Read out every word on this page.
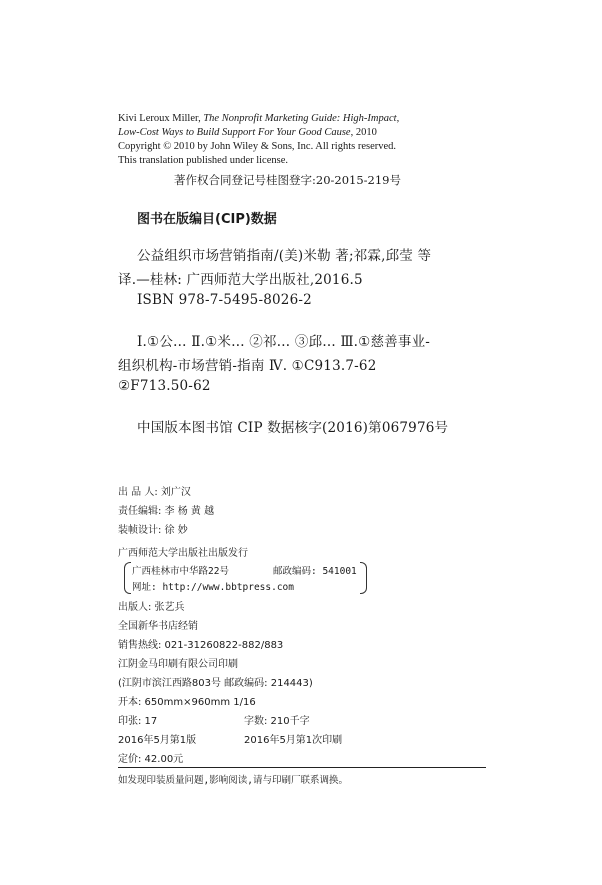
Kivi Leroux Miller, The Nonprofit Marketing Guide: High-Impact,
Low-Cost Ways to Build Support For Your Good Cause, 2010
Copyright © 2010 by John Wiley & Sons, Inc. All rights reserved.
This translation published under license.
著作权合同登记号桂图登字:20-2015-219号
图书在版编目(CIP)数据
公益组织市场营销指南/(美)米勒 著;祁霖,邱莹 等
译.—桂林: 广西师范大学出版社,2016.5
ISBN 978-7-5495-8026-2
Ⅰ.①公… Ⅱ.①米… ②祁… ③邱… Ⅲ.①慈善事业-
组织机构-市场营销-指南 Ⅳ. ①C913.7-62
②F713.50-62
中国版本图书馆 CIP 数据核字(2016)第067976号
出 品 人: 刘广汉
责任编辑: 李 杨 黄 越
装帧设计: 徐 妙
广西师范大学出版社出版发行
广西桂林市中华路22号	邮政编码: 541001
网址: http://www.bbtpress.com
出版人: 张艺兵
全国新华书店经销
销售热线: 021-31260822-882/883
江阴金马印刷有限公司印刷
(江阴市滨江西路803号 邮政编码: 214443)
开本: 650mm×960mm 1/16
印张: 17	字数: 210千字
2016年5月第1版	2016年5月第1次印刷
定价: 42.00元
如发现印装质量问题,影响阅读,请与印刷厂联系调换。
